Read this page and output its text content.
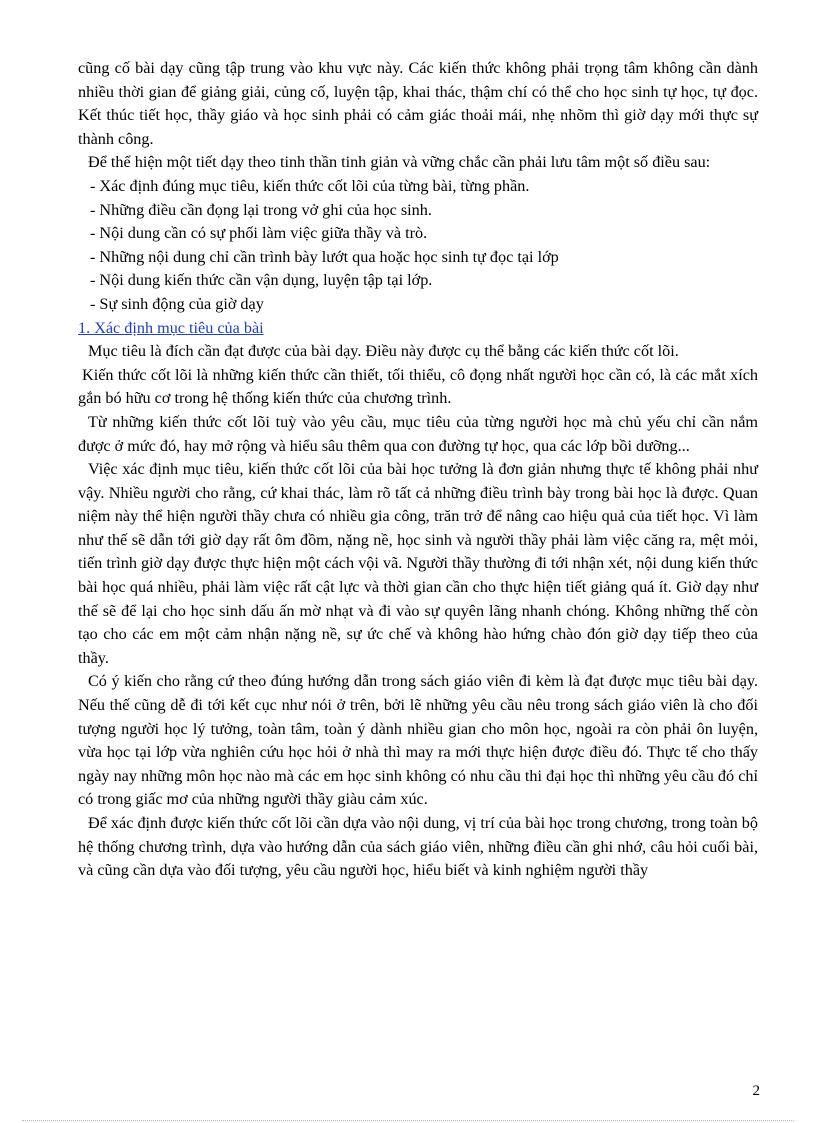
cũng cố bài dạy cũng tập trung vào khu vực này. Các kiến thức không phải trọng tâm không cần dành nhiều thời gian để giảng giải, củng cố, luyện tập, khai thác, thậm chí có thể cho học sinh tự học, tự đọc. Kết thúc tiết học, thầy giáo và học sinh phải có cảm giác thoải mái, nhẹ nhõm thì giờ dạy mới thực sự thành công.

Để thể hiện một tiết dạy theo tinh thần tinh giản và vững chắc cần phải lưu tâm một số điều sau:

- Xác định đúng mục tiêu, kiến thức cốt lõi của từng bài, từng phần.

- Những điều cần đọng lại trong vở ghi của học sinh.

- Nội dung cần có sự phối làm việc giữa thầy và trò.

- Những nội dung chỉ cần trình bày lướt qua hoặc học sinh tự đọc tại lớp

- Nội dung kiến thức cần vận dụng, luyện tập tại lớp.

- Sự sinh động của giờ dạy

1. Xác định mục tiêu của bài

Mục tiêu là đích cần đạt được của bài dạy. Điều này được cụ thể bằng các kiến thức cốt lõi.

Kiến thức cốt lõi là những kiến thức cần thiết, tối thiểu, cô đọng nhất người học cần có, là các mắt xích gắn bó hữu cơ trong hệ thống kiến thức của chương trình.

Từ những kiến thức cốt lõi tuỳ vào yêu cầu, mục tiêu của từng người học mà chủ yếu chỉ cần nắm được ở mức đó, hay mở rộng và hiểu sâu thêm qua con đường tự học, qua các lớp bồi dưỡng...

Việc xác định mục tiêu, kiến thức cốt lõi của bài học tưởng là đơn giản nhưng thực tế không phải như vậy. Nhiều người cho rằng, cứ khai thác, làm rõ tất cả những điều trình bày trong bài học là được. Quan niệm này thể hiện người thầy chưa có nhiều gia công, trăn trở để nâng cao hiệu quả của tiết học. Vì làm như thế sẽ dẫn tới giờ dạy rất ôm đồm, nặng nề, học sinh và người thầy phải làm việc căng ra, mệt mỏi, tiến trình giờ dạy được thực hiện một cách vội vã. Người thầy thường đi tới nhận xét, nội dung kiến thức bài học quá nhiều, phải làm việc rất cật lực và thời gian cần cho thực hiện tiết giảng quá ít. Giờ dạy như thế sẽ để lại cho học sinh dấu ấn mờ nhạt và đi vào sự quyên lãng nhanh chóng. Không những thế còn tạo cho các em một cảm nhận nặng nề, sự ức chế và không hào hứng chào đón giờ dạy tiếp theo của thầy.

Có ý kiến cho rằng cứ theo đúng hướng dẫn trong sách giáo viên đi kèm là đạt được mục tiêu bài dạy. Nếu thế cũng dễ đi tới kết cục như nói ở trên, bởi lẽ những yêu cầu nêu trong sách giáo viên là cho đối tượng người học lý tưởng, toàn tâm, toàn ý dành nhiều gian cho môn học, ngoài ra còn phải ôn luyện, vừa học tại lớp vừa nghiên cứu học hỏi ở nhà thì may ra mới thực hiện được điều đó. Thực tế cho thấy ngày nay những môn học nào mà các em học sinh không có nhu cầu thi đại học thì những yêu cầu đó chỉ có trong giấc mơ của những người thầy giàu cảm xúc.

Để xác định được kiến thức cốt lõi cần dựa vào nội dung, vị trí của bài học trong chương, trong toàn bộ hệ thống chương trình, dựa vào hướng dẫn của sách giáo viên, những điều cần ghi nhớ, câu hỏi cuối bài, và cũng cần dựa vào đối tượng, yêu cầu người học, hiểu biết và kinh nghiệm người thầy

2
